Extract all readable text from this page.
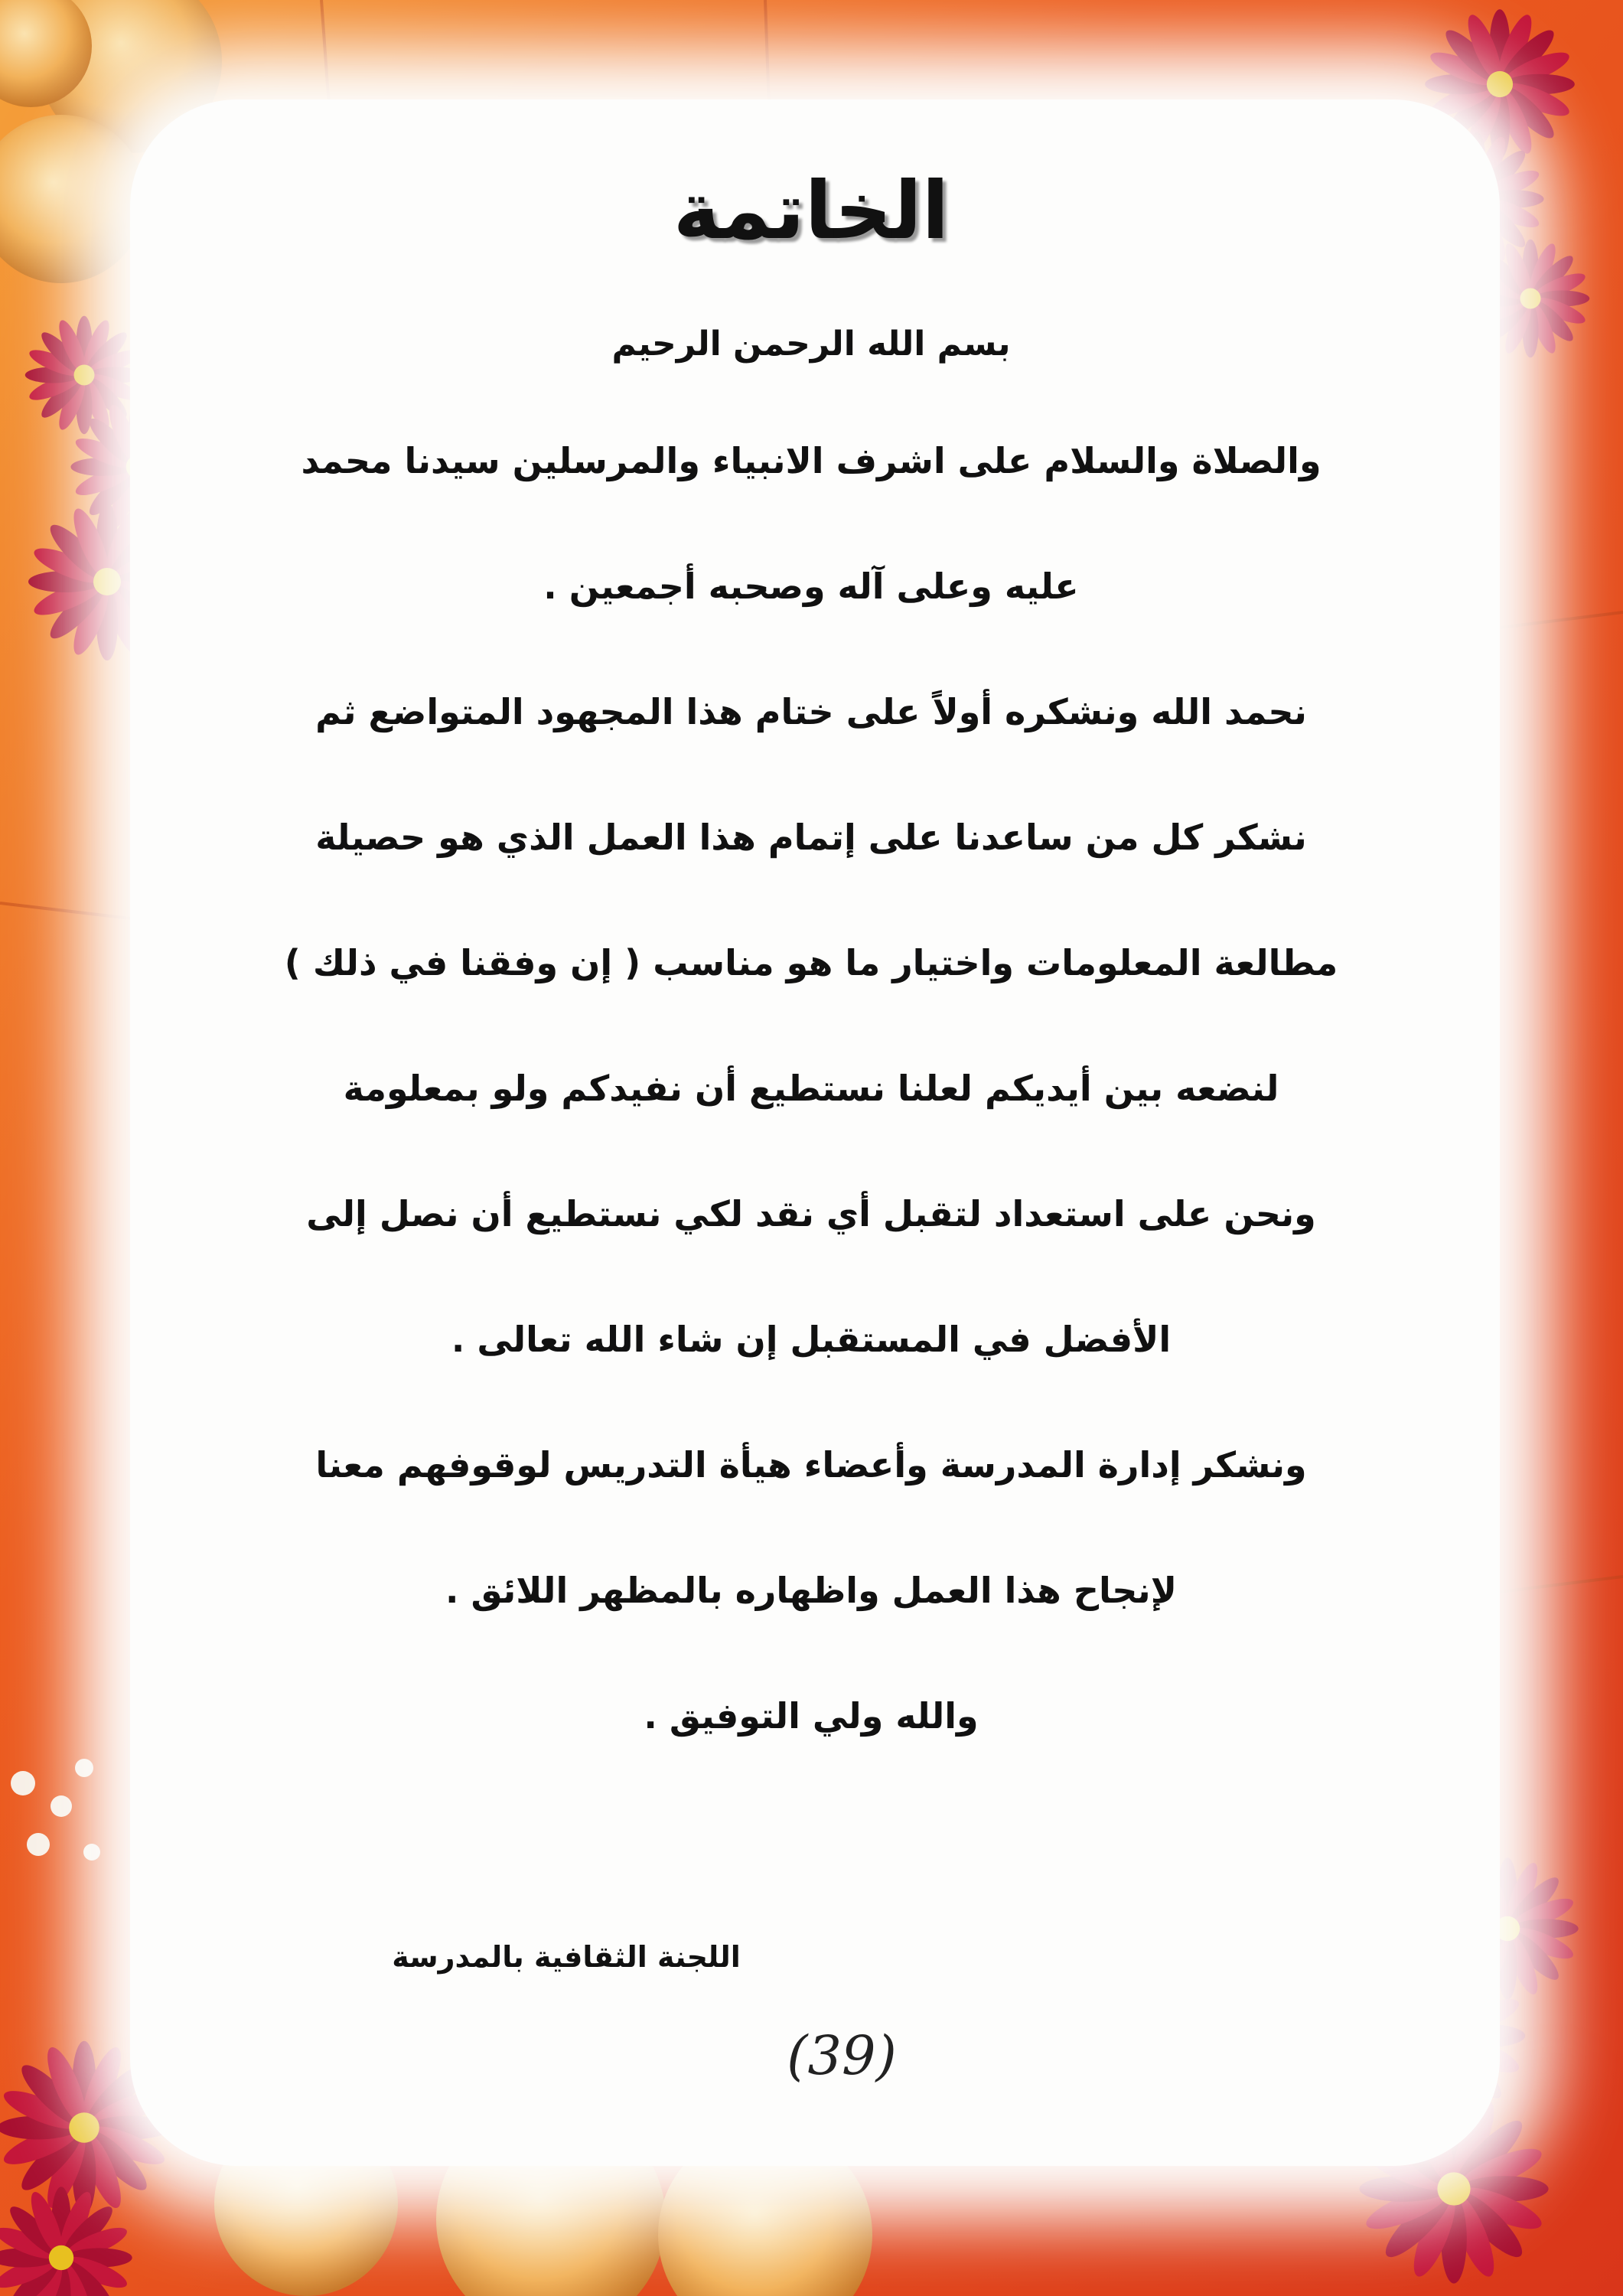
الخاتمة
بسم الله الرحمن الرحيم
والصلاة والسلام على اشرف الانبياء والمرسلين سيدنا محمد
عليه وعلى آله وصحبه أجمعين .
نحمد الله ونشكره أولاً على ختام هذا المجهود المتواضع ثم
نشكر كل من ساعدنا على إتمام هذا العمل الذي هو حصيلة
مطالعة المعلومات واختيار ما هو مناسب ( إن وفقنا في ذلك )
لنضعه بين أيديكم لعلنا نستطيع أن نفيدكم ولو بمعلومة
ونحن على استعداد لتقبل أي نقد لكي نستطيع أن نصل إلى
الأفضل في المستقبل إن شاء الله تعالى .
ونشكر إدارة المدرسة وأعضاء هيأة التدريس لوقوفهم معنا
لإنجاح هذا العمل واظهاره بالمظهر اللائق .
والله ولي التوفيق .
اللجنة الثقافية بالمدرسة
(39)
